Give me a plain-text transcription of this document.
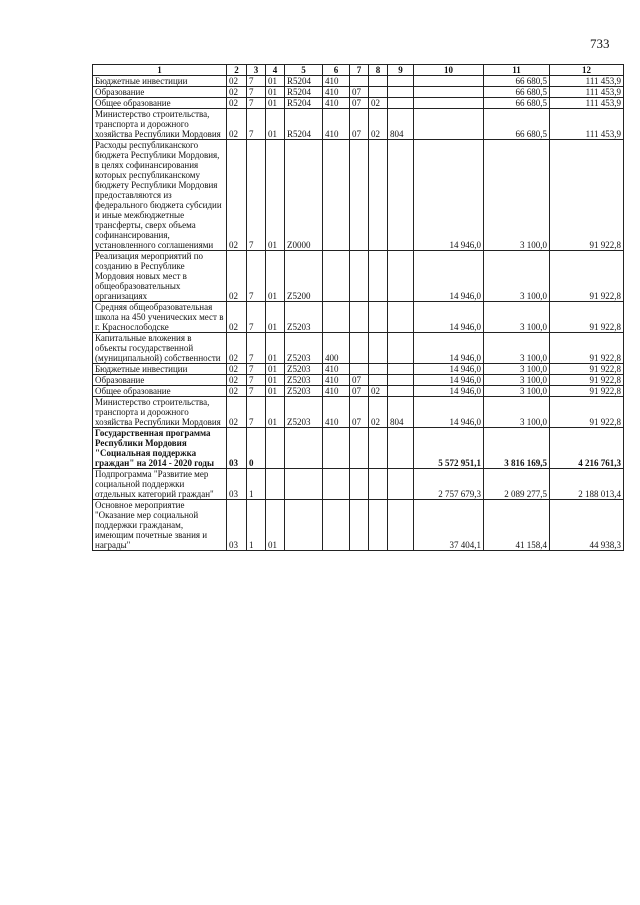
733
1	2	3	4	5	6	7	8	9	10	11	12
Бюджетные инвестиции	02	7	01	R5204	410					66 680,5	111 453,9
Образование	02	7	01	R5204	410	07				66 680,5	111 453,9
Общее образование	02	7	01	R5204	410	07	02			66 680,5	111 453,9
Министерство строительства, транспорта и дорожного хозяйства Республики Мордовия	02	7	01	R5204	410	07	02	804		66 680,5	111 453,9
Расходы республиканского бюджета Республики Мордовия, в целях софинансирования которых республиканскому бюджету Республики Мордовия предоставляются из федерального бюджета субсидии и иные межбюджетные трансферты, сверх объема софинансирования, установленного соглашениями	02	7	01	Z0000					14 946,0	3 100,0	91 922,8
Реализация мероприятий по созданию в Республике Мордовия новых мест в общеобразовательных организациях	02	7	01	Z5200					14 946,0	3 100,0	91 922,8
Средняя общеобразовательная школа на 450 ученических мест в г. Краснослободске	02	7	01	Z5203					14 946,0	3 100,0	91 922,8
Капитальные вложения в объекты государственной (муниципальной) собственности	02	7	01	Z5203	400				14 946,0	3 100,0	91 922,8
Бюджетные инвестиции	02	7	01	Z5203	410				14 946,0	3 100,0	91 922,8
Образование	02	7	01	Z5203	410	07			14 946,0	3 100,0	91 922,8
Общее образование	02	7	01	Z5203	410	07	02		14 946,0	3 100,0	91 922,8
Министерство строительства, транспорта и дорожного хозяйства Республики Мордовия	02	7	01	Z5203	410	07	02	804	14 946,0	3 100,0	91 922,8
Государственная программа Республики Мордовия "Социальная поддержка граждан" на 2014 - 2020 годы	03	0							5 572 951,1	3 816 169,5	4 216 761,3
Подпрограмма "Развитие мер социальной поддержки отдельных категорий граждан"	03	1							2 757 679,3	2 089 277,5	2 188 013,4
Основное мероприятие "Оказание мер социальной поддержки гражданам, имеющим почетные звания и награды"	03	1	01						37 404,1	41 158,4	44 938,3
